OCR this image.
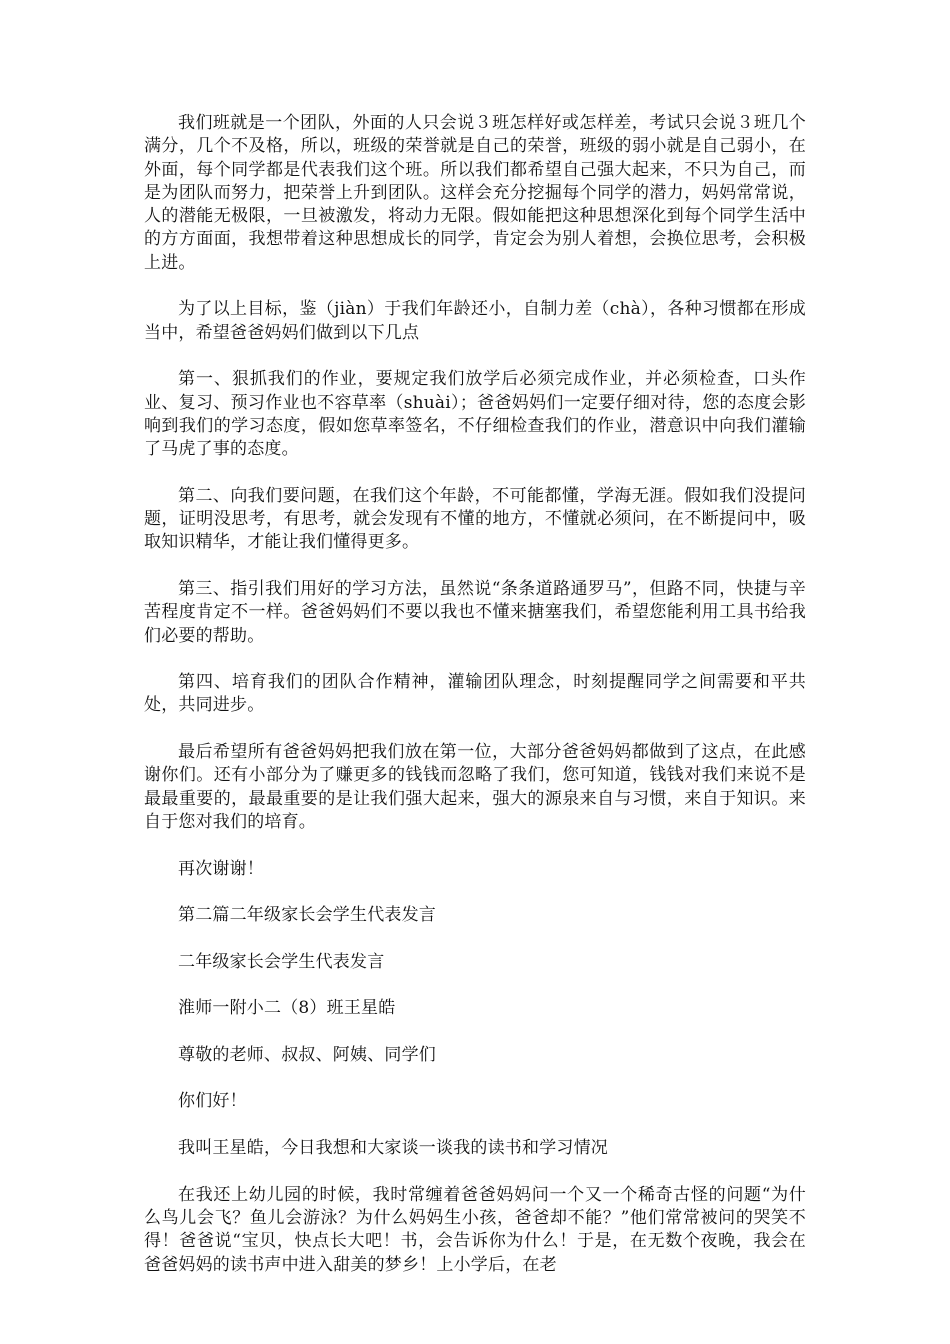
我们班就是一个团队，外面的人只会说３班怎样好或怎样差，考试只会说３班几个满分，几个不及格，所以，班级的荣誉就是自己的荣誉，班级的弱小就是自己弱小，在外面，每个同学都是代表我们这个班。所以我们都希望自己强大起来，不只为自己，而是为团队而努力，把荣誉上升到团队。这样会充分挖掘每个同学的潜力，妈妈常常说，人的潜能无极限，一旦被激发，将动力无限。假如能把这种思想深化到每个同学生活中的方方面面，我想带着这种思想成长的同学，肯定会为别人着想，会换位思考，会积极上进。

为了以上目标，鉴（jiàn）于我们年龄还小，自制力差（chà），各种习惯都在形成当中，希望爸爸妈妈们做到以下几点

第一、狠抓我们的作业，要规定我们放学后必须完成作业，并必须检查，口头作业、复习、预习作业也不容草率（shuài）；爸爸妈妈们一定要仔细对待，您的态度会影响到我们的学习态度，假如您草率签名，不仔细检查我们的作业，潜意识中向我们灌输了马虎了事的态度。

第二、向我们要问题，在我们这个年龄，不可能都懂，学海无涯。假如我们没提问题，证明没思考，有思考，就会发现有不懂的地方，不懂就必须问，在不断提问中，吸取知识精华，才能让我们懂得更多。

第三、指引我们用好的学习方法，虽然说“条条道路通罗马”，但路不同，快捷与辛苦程度肯定不一样。爸爸妈妈们不要以我也不懂来搪塞我们，希望您能利用工具书给我们必要的帮助。

第四、培育我们的团队合作精神，灌输团队理念，时刻提醒同学之间需要和平共处，共同进步。

最后希望所有爸爸妈妈把我们放在第一位，大部分爸爸妈妈都做到了这点，在此感谢你们。还有小部分为了赚更多的钱钱而忽略了我们，您可知道，钱钱对我们来说不是最最重要的，最最重要的是让我们强大起来，强大的源泉来自与习惯，来自于知识。来自于您对我们的培育。

再次谢谢！

第二篇二年级家长会学生代表发言

二年级家长会学生代表发言

淮师一附小二（8）班王星皓

尊敬的老师、叔叔、阿姨、同学们

你们好！

我叫王星皓，今日我想和大家谈一谈我的读书和学习情况

在我还上幼儿园的时候，我时常缠着爸爸妈妈问一个又一个稀奇古怪的问题“为什么鸟儿会飞？鱼儿会游泳？为什么妈妈生小孩，爸爸却不能？”他们常常被问的哭笑不得！爸爸说“宝贝，快点长大吧！书，会告诉你为什么！于是，在无数个夜晚，我会在爸爸妈妈的读书声中进入甜美的梦乡！上小学后，在老
